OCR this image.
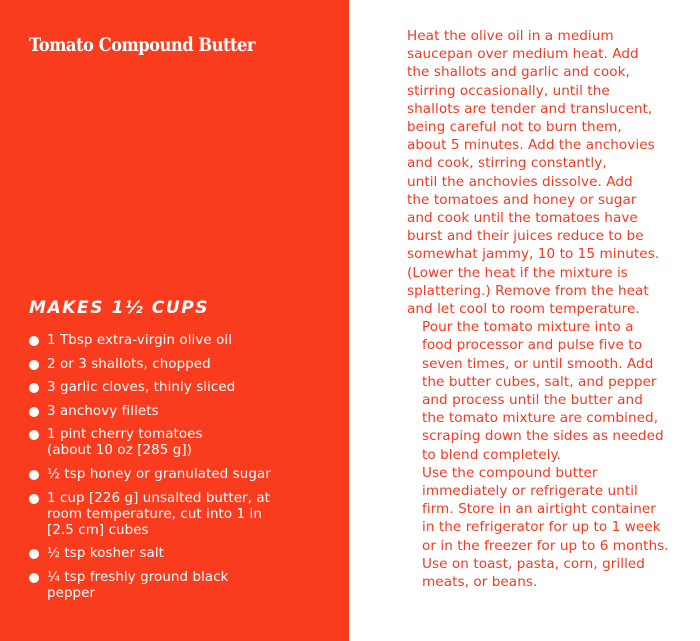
Tomato Compound Butter
MAKES 1½ CUPS
1 Tbsp extra-virgin olive oil
2 or 3 shallots, chopped
3 garlic cloves, thinly sliced
3 anchovy fillets
1 pint cherry tomatoes
(about 10 oz [285 g])
½ tsp honey or granulated sugar
1 cup [226 g] unsalted butter, at
room temperature, cut into 1 in
[2.5 cm] cubes
½ tsp kosher salt
¼ tsp freshly ground black
pepper

Heat the olive oil in a medium
saucepan over medium heat. Add
the shallots and garlic and cook,
stirring occasionally, until the
shallots are tender and translucent,
being careful not to burn them,
about 5 minutes. Add the anchovies
and cook, stirring constantly,
until the anchovies dissolve. Add
the tomatoes and honey or sugar
and cook until the tomatoes have
burst and their juices reduce to be
somewhat jammy, 10 to 15 minutes.
(Lower the heat if the mixture is
splattering.) Remove from the heat
and let cool to room temperature.

Pour the tomato mixture into a
food processor and pulse five to
seven times, or until smooth. Add
the butter cubes, salt, and pepper
and process until the butter and
the tomato mixture are combined,
scraping down the sides as needed
to blend completely.

Use the compound butter
immediately or refrigerate until
firm. Store in an airtight container
in the refrigerator for up to 1 week
or in the freezer for up to 6 months.

Use on toast, pasta, corn, grilled
meats, or beans.
